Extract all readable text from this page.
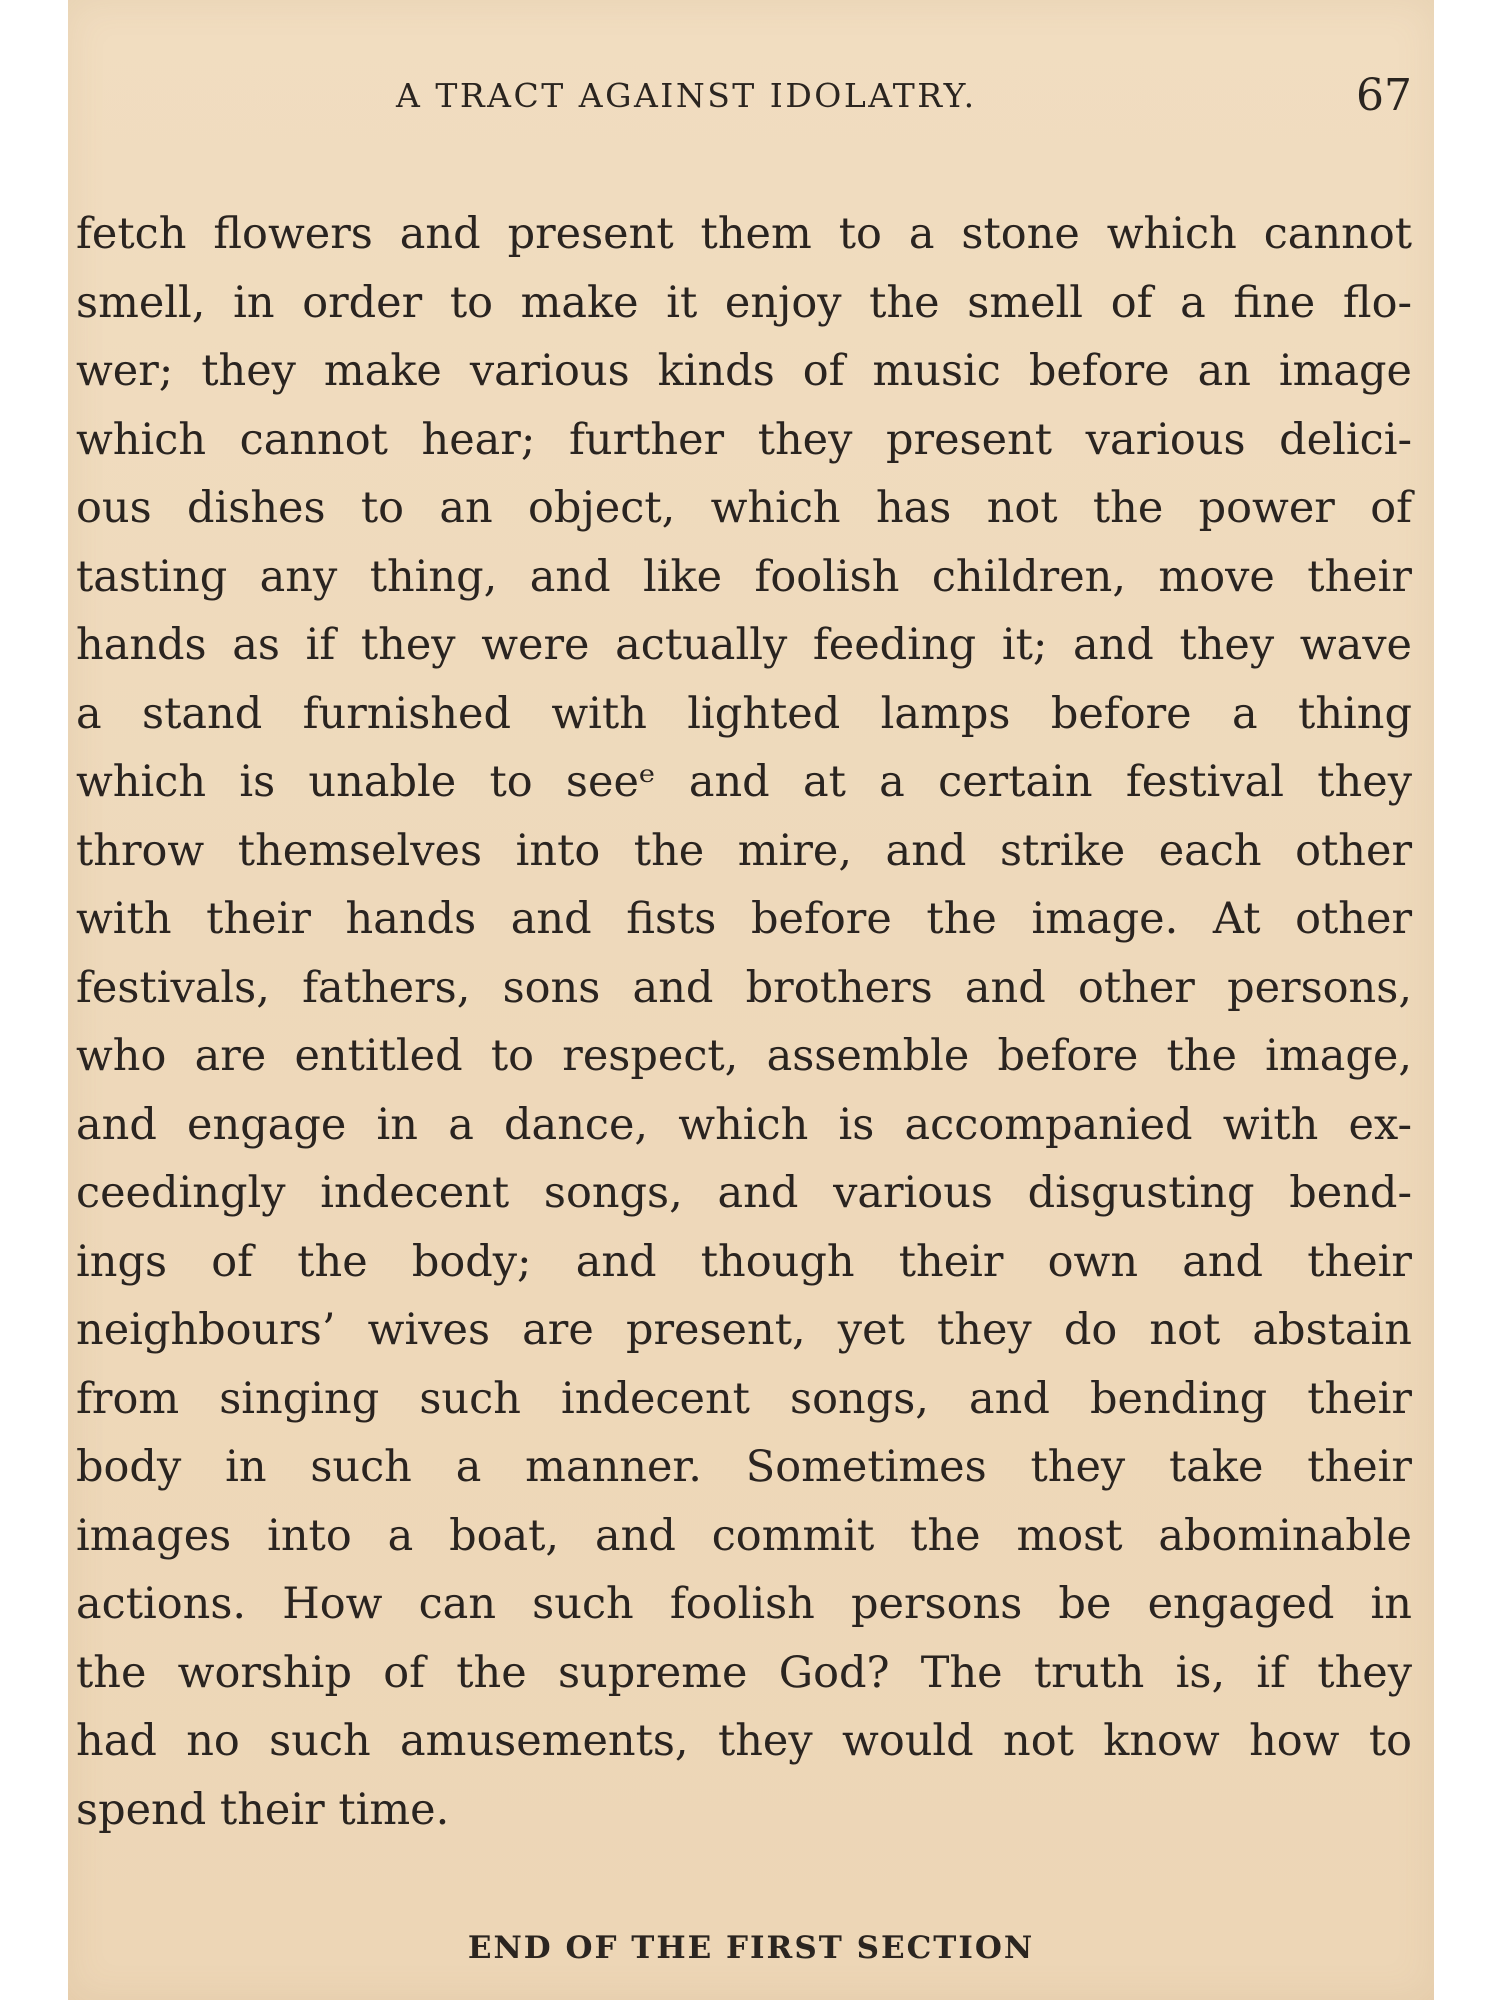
A TRACT AGAINST IDOLATRY.	67
fetch flowers and present them to a stone which cannot
smell, in order to make it enjoy the smell of a fine flo-
wer; they make various kinds of music before an image
which cannot hear; further they present various delici-
ous dishes to an object, which has not the power of
tasting any thing, and like foolish children, move their
hands as if they were actually feeding it; and they wave
a stand furnished with lighted lamps before a thing
which is unable to seeᵉ and at a certain festival they
throw themselves into the mire, and strike each other
with their hands and fists before the image. At other
festivals, fathers, sons and brothers and other persons,
who are entitled to respect, assemble before the image,
and engage in a dance, which is accompanied with ex-
ceedingly indecent songs, and various disgusting bend-
ings of the body; and though their own and their
neighbours’ wives are present, yet they do not abstain
from singing such indecent songs, and bending their
body in such a manner. Sometimes they take their
images into a boat, and commit the most abominable
actions. How can such foolish persons be engaged in
the worship of the supreme God? The truth is, if they
had no such amusements, they would not know how to
spend their time.
END OF THE FIRST SECTION
